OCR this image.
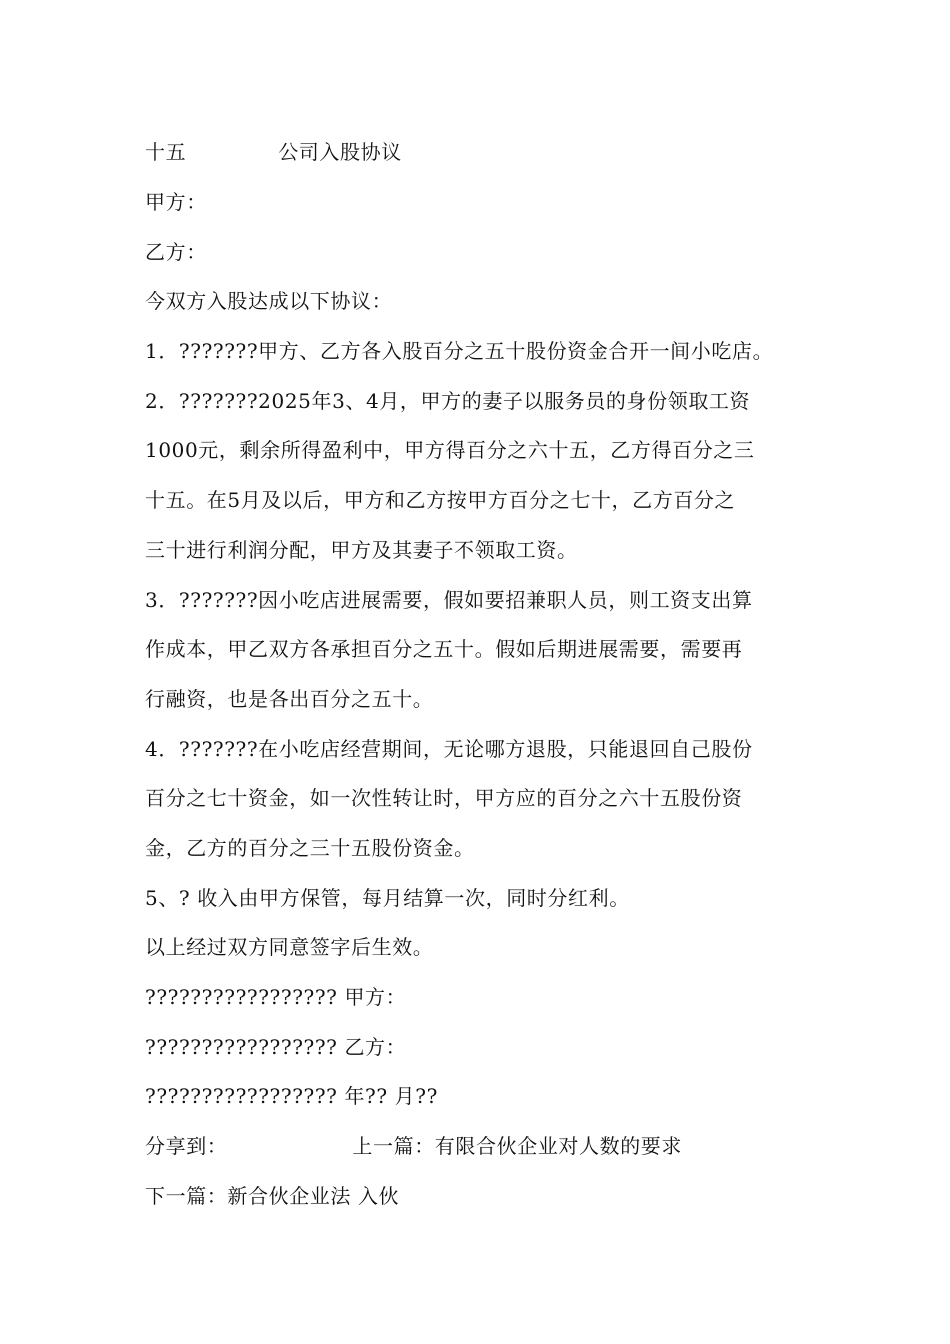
十五	公司入股协议
甲方：
乙方：
今双方入股达成以下协议：
1．???????甲方、乙方各入股百分之五十股份资金合开一间小吃店。
2．???????2025年3、4月，甲方的妻子以服务员的身份领取工资
1000元，剩余所得盈利中，甲方得百分之六十五，乙方得百分之三
十五。在5月及以后，甲方和乙方按甲方百分之七十，乙方百分之
三十进行利润分配，甲方及其妻子不领取工资。
3．???????因小吃店进展需要，假如要招兼职人员，则工资支出算
作成本，甲乙双方各承担百分之五十。假如后期进展需要，需要再
行融资，也是各出百分之五十。
4．???????在小吃店经营期间，无论哪方退股，只能退回自己股份
百分之七十资金，如一次性转让时，甲方应的百分之六十五股份资
金，乙方的百分之三十五股份资金。
5、? 收入由甲方保管，每月结算一次，同时分红利。
以上经过双方同意签字后生效。
????????????????? 甲方：
????????????????? 乙方：
????????????????? 年?? 月??
分享到：	上一篇：有限合伙企业对人数的要求
下一篇：新合伙企业法 入伙
